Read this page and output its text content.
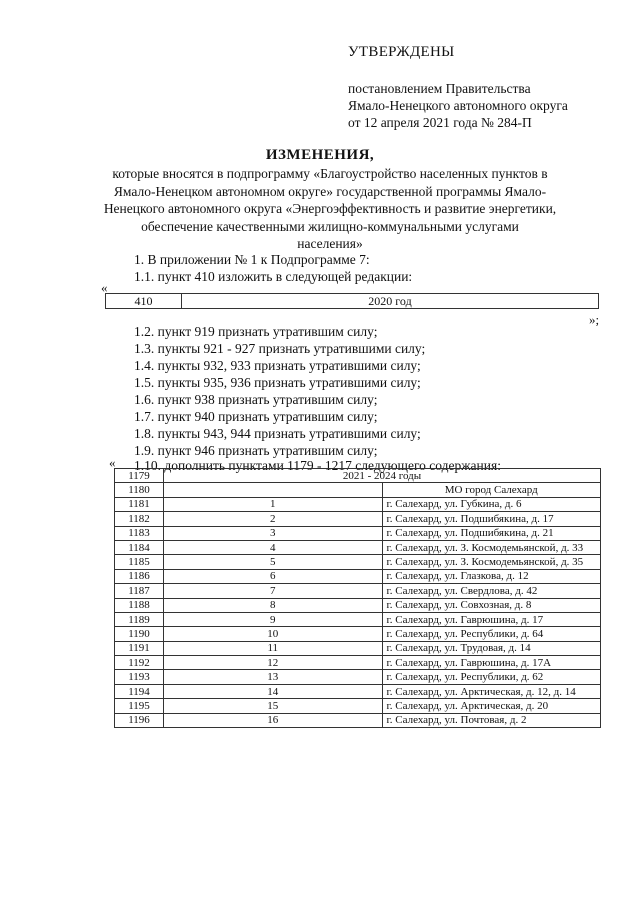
УТВЕРЖДЕНЫ
постановлением Правительства
Ямало-Ненецкого автономного округа
от 12 апреля 2021 года № 284-П
ИЗМЕНЕНИЯ,
которые вносятся в подпрограмму «Благоустройство населенных пунктов в
Ямало-Ненецком автономном округе» государственной программы Ямало-
Ненецкого автономного округа «Энергоэффективность и развитие энергетики,
обеспечение качественными жилищно-коммунальными услугами
населения»
1. В приложении № 1 к Подпрограмме 7:
1.1. пункт 410 изложить в следующей редакции:
«
410	2020 год
»;
1.2. пункт 919 признать утратившим силу;
1.3. пункты 921 - 927 признать утратившими силу;
1.4. пункты 932, 933 признать утратившими силу;
1.5. пункты 935, 936 признать утратившими силу;
1.6. пункт 938 признать утратившим силу;
1.7. пункт 940 признать утратившим силу;
1.8. пункты 943, 944 признать утратившими силу;
1.9. пункт 946 признать утратившим силу;
1.10. дополнить пунктами 1179 - 1217 следующего содержания:
«
1179	2021 - 2024 годы	
1180		МО город Салехард
1181	1	г. Салехард, ул. Губкина, д. 6
1182	2	г. Салехард, ул. Подшибякина, д. 17
1183	3	г. Салехард, ул. Подшибякина, д. 21
1184	4	г. Салехард, ул. З. Космодемьянской, д. 33
1185	5	г. Салехард, ул. З. Космодемьянской, д. 35
1186	6	г. Салехард, ул. Глазкова, д. 12
1187	7	г. Салехард, ул. Свердлова, д. 42
1188	8	г. Салехард, ул. Совхозная, д. 8
1189	9	г. Салехард, ул. Гаврюшина, д. 17
1190	10	г. Салехард, ул. Республики, д. 64
1191	11	г. Салехард, ул. Трудовая, д. 14
1192	12	г. Салехард, ул. Гаврюшина, д. 17А
1193	13	г. Салехард, ул. Республики, д. 62
1194	14	г. Салехард, ул. Арктическая, д. 12, д. 14
1195	15	г. Салехард, ул. Арктическая, д. 20
1196	16	г. Салехард, ул. Почтовая, д. 2
